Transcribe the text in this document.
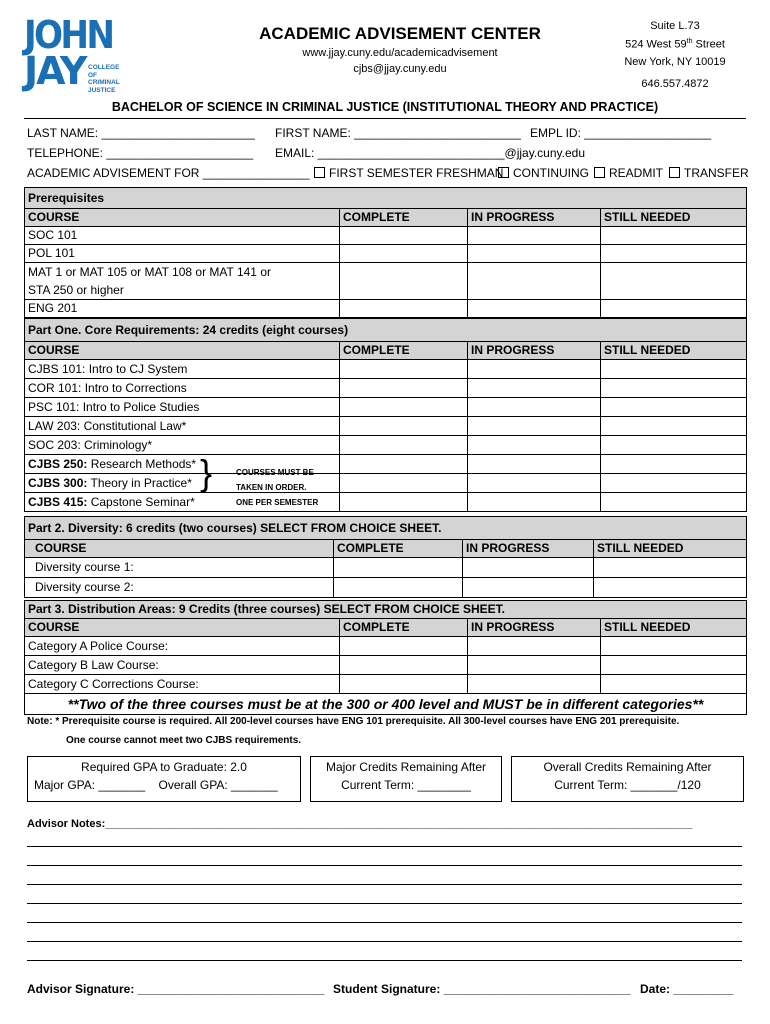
JOHN
JAY COLLEGE
OF
CRIMINAL
JUSTICE
ACADEMIC ADVISEMENT CENTER
www.jjay.cuny.edu/academicadvisement
cjbs@jjay.cuny.edu
Suite L.73
524 West 59th Street
New York, NY 10019
646.557.4872
BACHELOR OF SCIENCE IN CRIMINAL JUSTICE (INSTITUTIONAL THEORY AND PRACTICE)
LAST NAME: _______________________ FIRST NAME: _________________________ EMPL ID: ___________________
TELEPHONE: ______________________ EMAIL: ____________________________@jjay.cuny.edu
ACADEMIC ADVISEMENT FOR ________________	FIRST SEMESTER FRESHMAN CONTINUING	READMIT	TRANSFER
Prerequisites			
COURSE	COMPLETE	IN PROGRESS	STILL NEEDED
SOC 101			
POL 101			

MAT 1 or MAT 105 or MAT 108 or MAT 141 or
STA 250 or higher			

ENG 201			
Part One. Core Requirements: 24 credits (eight courses)			
COURSE	COMPLETE	IN PROGRESS	STILL NEEDED
CJBS 101: Intro to CJ System			
COR 101: Intro to Corrections			
PSC 101: Intro to Police Studies			
LAW 203: Constitutional Law*			
SOC 203: Criminology*			
CJBS 250: Research Methods*			
CJBS 300: Theory in Practice*			
CJBS 415: Capstone Seminar*			
}	COURSES MUST BE
TAKEN IN ORDER.
ONE PER SEMESTER
Part 2. Diversity: 6 credits (two courses) SELECT FROM CHOICE SHEET.			
COURSE	COMPLETE	IN PROGRESS	STILL NEEDED
Diversity course 1:			
Diversity course 2:			
Part 3. Distribution Areas: 9 Credits (three courses) SELECT FROM CHOICE SHEET.			
COURSE	COMPLETE	IN PROGRESS	STILL NEEDED
Category A Police Course:			
Category B Law Course:			
Category C Corrections Course:			
**Two of the three courses must be at the 300 or 400 level and MUST be in different categories**			
Note: * Prerequisite course is required. All 200-level courses have ENG 101 prerequisite. All 300-level courses have ENG 201 prerequisite.
One course cannot meet two CJBS requirements.
Required GPA to Graduate: 2.0
Major GPA: _______ Overall GPA: _______
Major Credits Remaining After
Current Term: ________
Overall Credits Remaining After
Current Term: _______/120
Advisor Notes:________________________________________________________________________________________________
Advisor Signature: ____________________________ Student Signature: ____________________________ Date: _________
